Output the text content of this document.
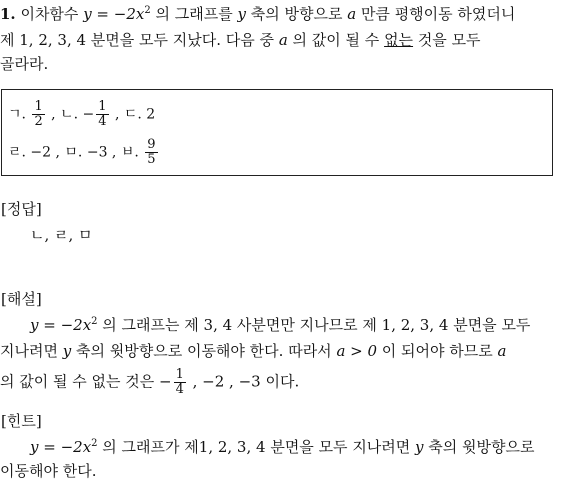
1. 이차함수 $y = -2x^2$ 의 그래프를 y 축의 방향으로 a 만큼 평행이동 하였더니
제 1, 2, 3, 4 분면을 모두 지났다. 다음 중 a 의 값이 될 수 없는 것을 모두
골라라.
ㄱ. $\frac{1}{2}$ , ㄴ. − $\frac{1}{4}$ , ㄷ. 2
ㄹ. −2 , ㅁ. −3 , ㅂ. $\frac{9}{5}$
[정답]
ㄴ, ㄹ, ㅁ
[해설]
$y = -2x^2$ 의 그래프는 제 3, 4 사분면만 지나므로 제 1, 2, 3, 4 분면을 모두
지나려면 y 축의 윗방향으로 이동해야 한다. 따라서 a > 0 이 되어야 하므로 a
의 값이 될 수 없는 것은 − $\frac{1}{4}$ , −2 , −3 이다.
[힌트]
$y = -2x^2$ 의 그래프가 제1, 2, 3, 4 분면을 모두 지나려면 y 축의 윗방향으로
이동해야 한다.
